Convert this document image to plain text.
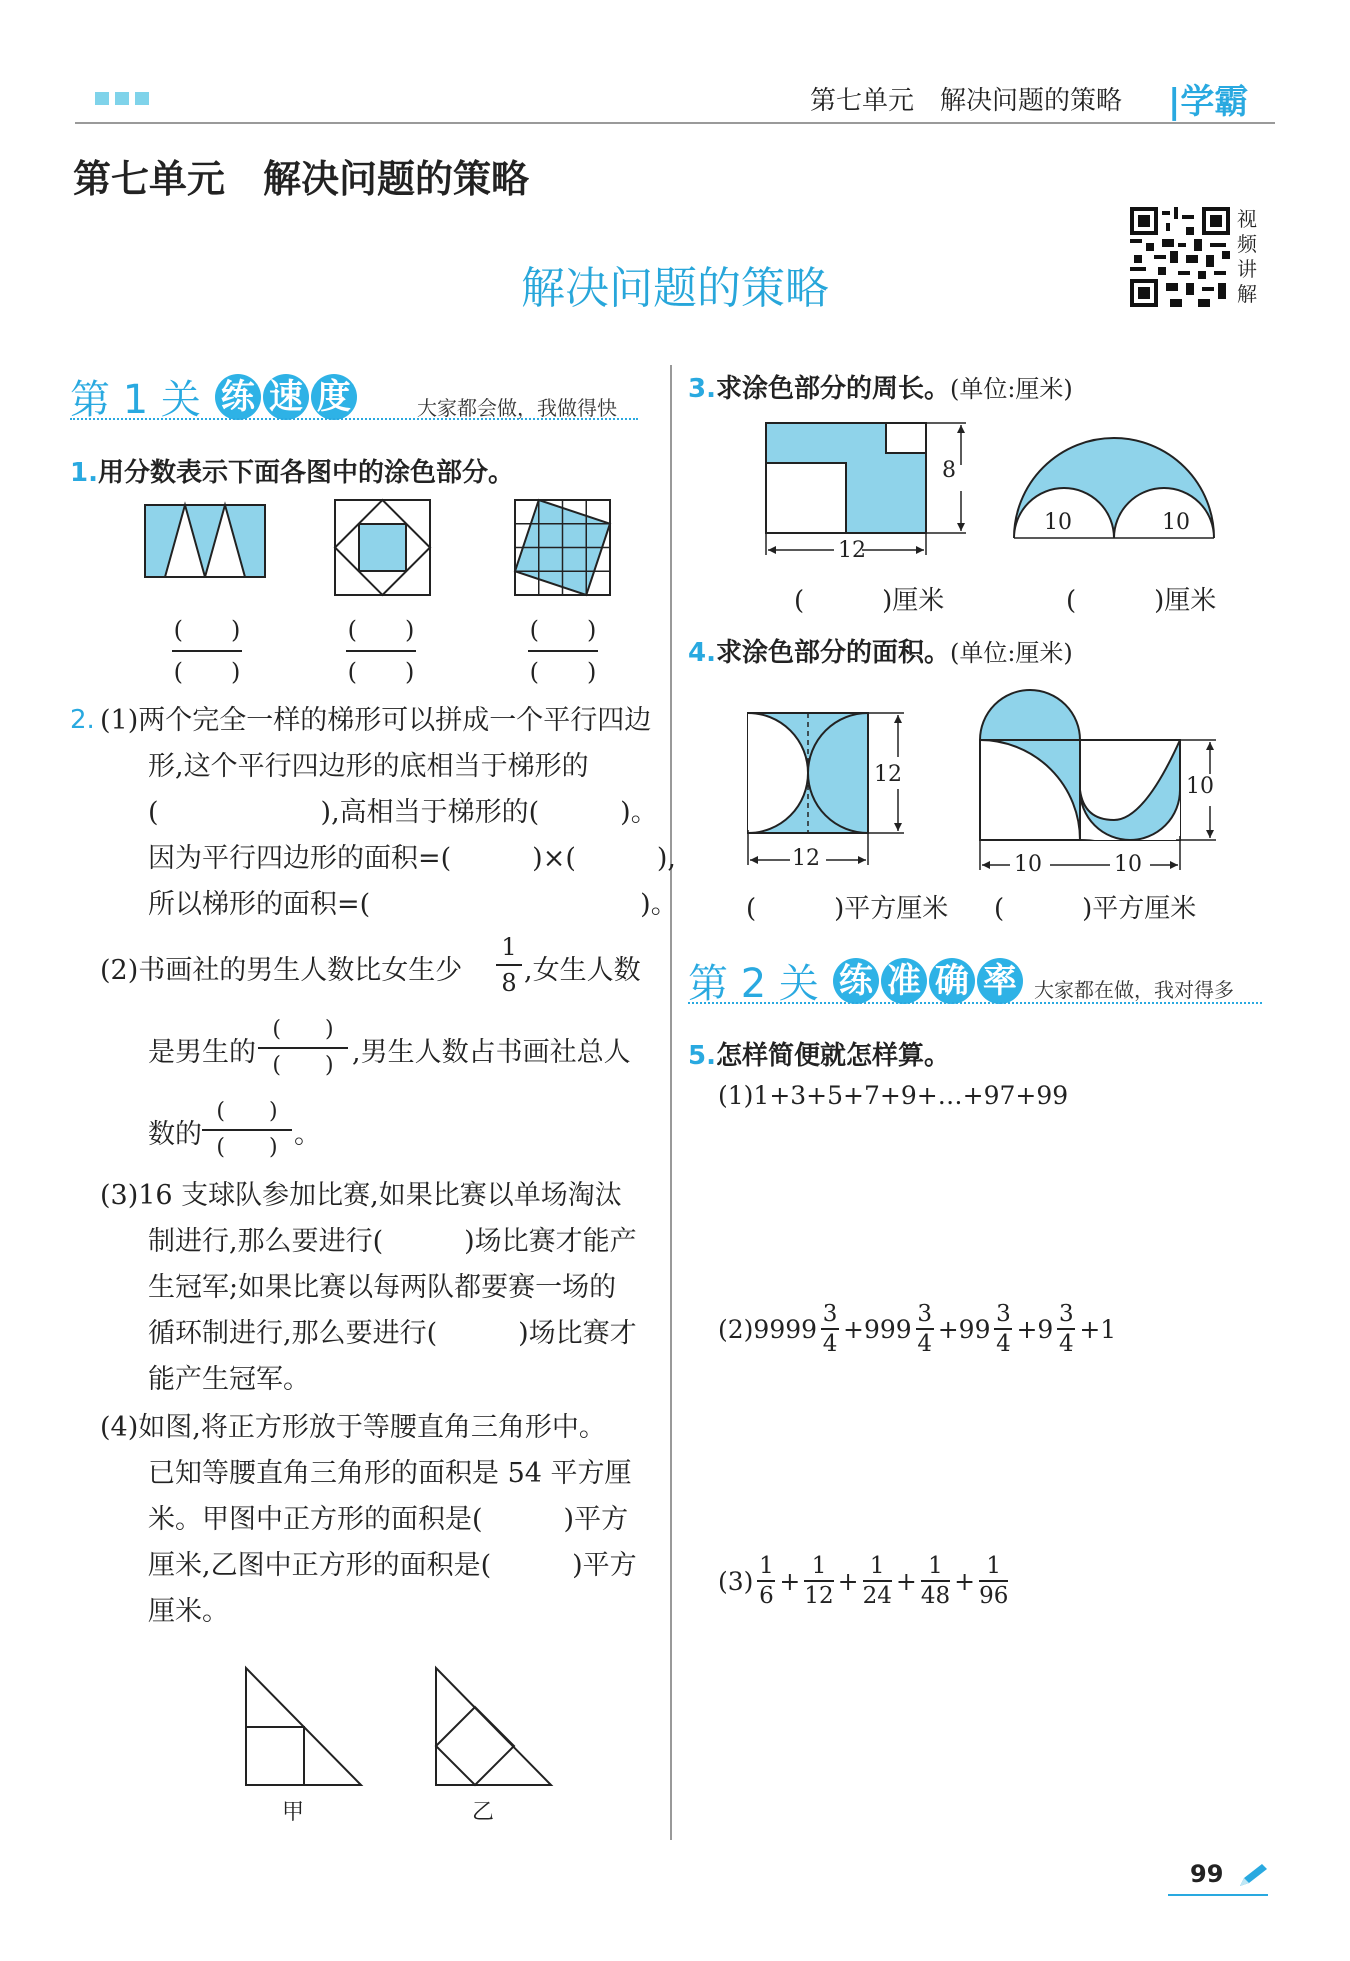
第七单元　解决问题的策略 |学霸
第七单元　解决问题的策略
解决问题的策略
视频讲解
第 1 关 练 速 度	大家都会做，我做得快
1.用分数表示下面各图中的涂色部分。
(　　)
(　　)
(　　)
(　　)
(　　)
(　　)
2. (1)两个完全一样的梯形可以拼成一个平行四边
形,这个平行四边形的底相当于梯形的
(　　　　　　),高相当于梯形的(　　　)。
因为平行四边形的面积=(　　　)×(　　　),
所以梯形的面积=(　　　　　　　　　　)。
(2)书画社的男生人数比女生少
1
8 ,女生人数
是男生的
(　　)
(　　) ,男生人数占书画社总人
数的
(　　)
(　　) 。
(3)16 支球队参加比赛,如果比赛以单场淘汰
制进行,那么要进行(　　　)场比赛才能产
生冠军;如果比赛以每两队都要赛一场的
循环制进行,那么要进行(　　　)场比赛才
能产生冠军。
(4)如图,将正方形放于等腰直角三角形中。
已知等腰直角三角形的面积是 54 平方厘
米。甲图中正方形的面积是(　　　)平方
厘米,乙图中正方形的面积是(　　　)平方
厘米。
甲	乙
3.求涂色部分的周长。(单位:厘米)
8
12
10	10
(　　　)厘米	(　　　)厘米
4.求涂色部分的面积。(单位:厘米)
12
12
10
10	10
(　　　)平方厘米 (　　　)平方厘米
第 2 关 练 准 确 率 大家都在做，我对得多
5.怎样简便就怎样算。
(1)1+3+5+7+9+…+97+99
(2) 9999
3
4
+999
3
4
+99
3
4
+9
3
4
+1
(3)
1
6
+
1
12
+
1
24
+
1
48
+
1
96
99
